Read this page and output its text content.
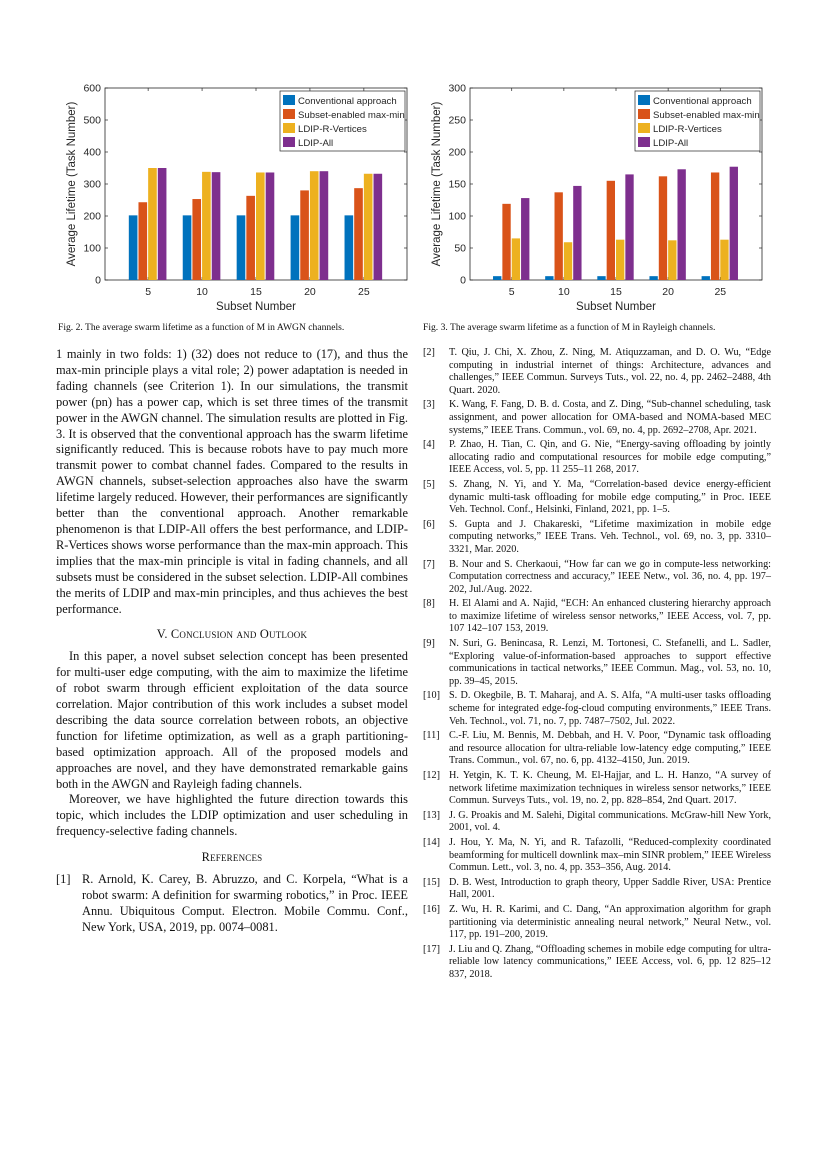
0
100
200
300
400
500
600
5	10	15	20	25
Subset Number
Average Lifetime (Task Number)
Conventional approach
Subset-enabled max-min
LDIP-R-Vertices
LDIP-All
0
50
100
150
200
250
300
5	10	15	20	25
Subset Number
Average Lifetime (Task Number)
Conventional approach
Subset-enabled max-min
LDIP-R-Vertices
LDIP-All
Fig. 2. The average swarm lifetime as a function of M in AWGN channels.	Fig. 3. The average swarm lifetime as a function of M in Rayleigh channels.

1 mainly in two folds: 1) (32) does not reduce to (17), and thus the max-min principle plays a vital role; 2) power adaptation is needed in fading channels (see Criterion 1). In our simulations, the transmit power (pn) has a power cap, which is set three times of the transmit power in the AWGN channel. The simulation results are plotted in Fig. 3. It is observed that the conventional approach has the swarm lifetime significantly reduced. This is because robots have to pay much more transmit power to combat channel fades. Compared to the results in AWGN channels, subset-selection approaches also have the swarm lifetime largely reduced. However, their performances are significantly better than the conventional approach. Another remarkable phenomenon is that LDIP-All offers the best performance, and LDIP-R-Vertices shows worse performance than the max-min approach. This implies that the max-min principle is vital in fading channels, and all subsets must be considered in the subset selection. LDIP-All combines the merits of LDIP and max-min principles, and thus achieves the best performance.

V. Conclusion and Outlook

In this paper, a novel subset selection concept has been presented for multi-user edge computing, with the aim to maximize the lifetime of robot swarm through efficient exploitation of the data source correlation. Major contribution of this work includes a subset model describing the data source correlation between robots, an objective function for lifetime optimization, as well as a graph partitioning-based optimization approach. All of the proposed models and approaches are novel, and they have demonstrated remarkable gains both in the AWGN and Rayleigh fading channels.

Moreover, we have highlighted the future direction towards this topic, which includes the LDIP optimization and user scheduling in frequency-selective fading channels.

References
[1] R. Arnold, K. Carey, B. Abruzzo, and C. Korpela, “What is a robot swarm: A definition for swarming robotics,” in Proc. IEEE Annu. Ubiquitous Comput. Electron. Mobile Commu. Conf., New York, USA, 2019, pp. 0074–0081.
[2]	T. Qiu, J. Chi, X. Zhou, Z. Ning, M. Atiquzzaman, and D. O. Wu, “Edge computing in industrial internet of things: Architecture, advances and challenges,” IEEE Commun. Surveys Tuts., vol. 22, no. 4, pp. 2462–2488, 4th Quart. 2020.
[3]	K. Wang, F. Fang, D. B. d. Costa, and Z. Ding, “Sub-channel scheduling, task assignment, and power allocation for OMA-based and NOMA-based MEC systems,” IEEE Trans. Commun., vol. 69, no. 4, pp. 2692–2708, Apr. 2021.
[4]	P. Zhao, H. Tian, C. Qin, and G. Nie, “Energy-saving offloading by jointly allocating radio and computational resources for mobile edge computing,” IEEE Access, vol. 5, pp. 11 255–11 268, 2017.
[5]	S. Zhang, N. Yi, and Y. Ma, “Correlation-based device energy-efficient dynamic multi-task offloading for mobile edge computing,” in Proc. IEEE Veh. Technol. Conf., Helsinki, Finland, 2021, pp. 1–5.
[6]	S. Gupta and J. Chakareski, “Lifetime maximization in mobile edge computing networks,” IEEE Trans. Veh. Technol., vol. 69, no. 3, pp. 3310–3321, Mar. 2020.
[7]	B. Nour and S. Cherkaoui, “How far can we go in compute-less networking: Computation correctness and accuracy,” IEEE Netw., vol. 36, no. 4, pp. 197–202, Jul./Aug. 2022.
[8]	H. El Alami and A. Najid, “ECH: An enhanced clustering hierarchy approach to maximize lifetime of wireless sensor networks,” IEEE Access, vol. 7, pp. 107 142–107 153, 2019.
[9]	N. Suri, G. Benincasa, R. Lenzi, M. Tortonesi, C. Stefanelli, and L. Sadler, “Exploring value-of-information-based approaches to support effective communications in tactical networks,” IEEE Commun. Mag., vol. 53, no. 10, pp. 39–45, 2015.
[10] S. D. Okegbile, B. T. Maharaj, and A. S. Alfa, “A multi-user tasks offloading scheme for integrated edge-fog-cloud computing environments,” IEEE Trans. Veh. Technol., vol. 71, no. 7, pp. 7487–7502, Jul. 2022.
[11] C.-F. Liu, M. Bennis, M. Debbah, and H. V. Poor, “Dynamic task offloading and resource allocation for ultra-reliable low-latency edge computing,” IEEE Trans. Commun., vol. 67, no. 6, pp. 4132–4150, Jun. 2019.
[12] H. Yetgin, K. T. K. Cheung, M. El-Hajjar, and L. H. Hanzo, “A survey of network lifetime maximization techniques in wireless sensor networks,” IEEE Commun. Surveys Tuts., vol. 19, no. 2, pp. 828–854, 2nd Quart. 2017.
[13] J. G. Proakis and M. Salehi, Digital communications. McGraw-hill New York, 2001, vol. 4.
[14] J. Hou, Y. Ma, N. Yi, and R. Tafazolli, “Reduced-complexity coordinated beamforming for multicell downlink max–min SINR problem,” IEEE Wireless Commun. Lett., vol. 3, no. 4, pp. 353–356, Aug. 2014.
[15] D. B. West, Introduction to graph theory, Upper Saddle River, USA: Prentice Hall, 2001.
[16] Z. Wu, H. R. Karimi, and C. Dang, “An approximation algorithm for graph partitioning via deterministic annealing neural network,” Neural Netw., vol. 117, pp. 191–200, 2019.
[17] J. Liu and Q. Zhang, “Offloading schemes in mobile edge computing for ultra-reliable low latency communications,” IEEE Access, vol. 6, pp. 12 825–12 837, 2018.
